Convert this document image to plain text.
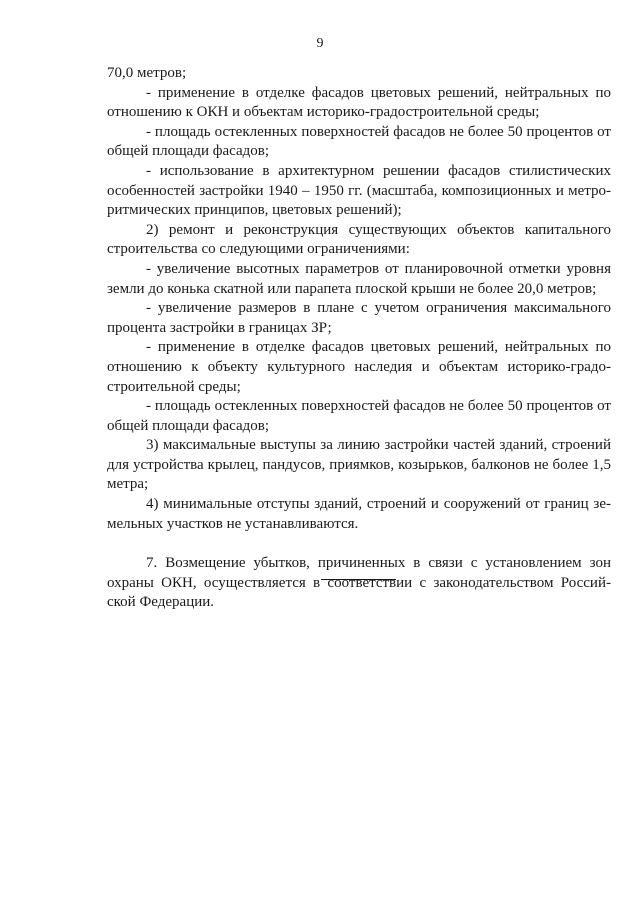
9

70,0 метров;

- применение в отделке фасадов цветовых решений, нейтральных по отношению к ОКН и объектам историко-градостроительной среды;

- площадь остекленных поверхностей фасадов не более 50 процентов от общей площади фасадов;

- использование в архитектурном решении фасадов стилистических особенностей застройки 1940 – 1950 гг. (масштаба, композиционных и метро-ритмических принципов, цветовых решений);

2) ремонт и реконструкция существующих объектов капитального строительства со следующими ограничениями:

- увеличение высотных параметров от планировочной отметки уровня земли до конька скатной или парапета плоской крыши не более 20,0 метров;

- увеличение размеров в плане с учетом ограничения максимального процента застройки в границах ЗР;

- применение в отделке фасадов цветовых решений, нейтральных по отношению к объекту культурного наследия и объектам историко-градо-строительной среды;

- площадь остекленных поверхностей фасадов не более 50 процентов от общей площади фасадов;

3) максимальные выступы за линию застройки частей зданий, строений для устройства крылец, пандусов, приямков, козырьков, балконов не более 1,5 метра;

4) минимальные отступы зданий, строений и сооружений от границ зе-мельных участков не устанавливаются.

7. Возмещение убытков, причиненных в связи с установлением зон охраны ОКН, осуществляется в соответствии с законодательством Россий-ской Федерации.
